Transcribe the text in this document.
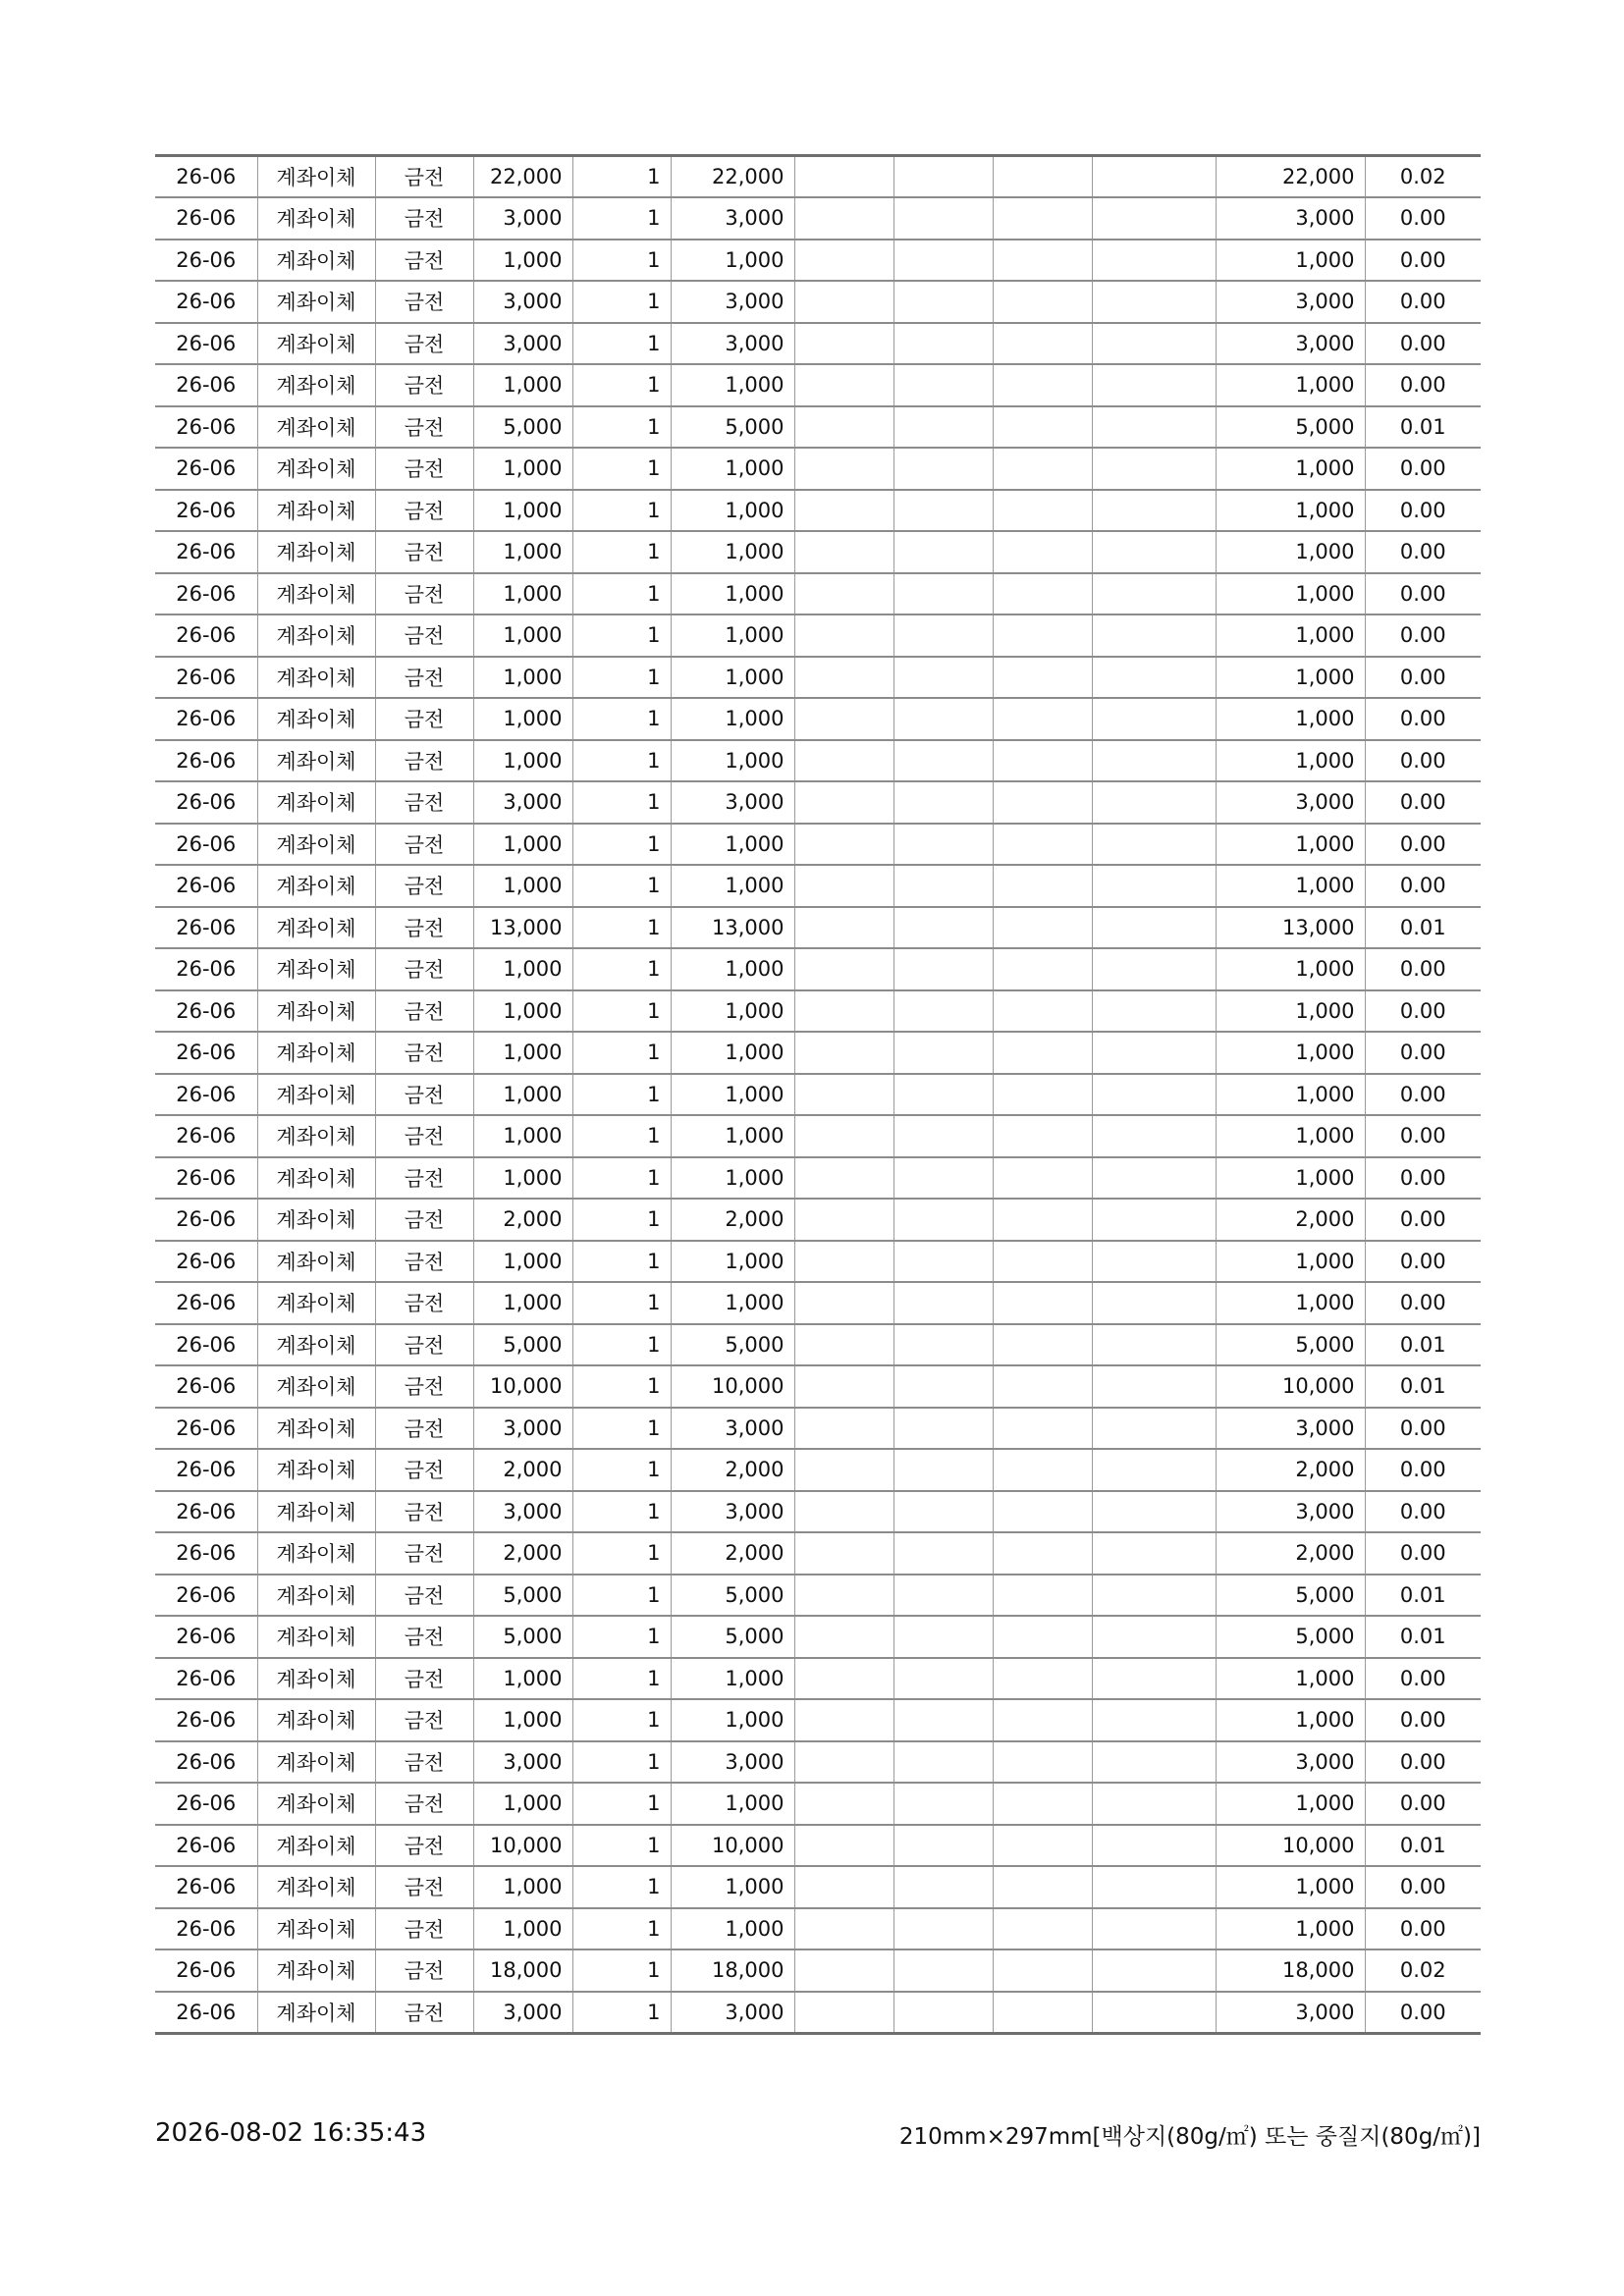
26-06	계좌이체	금전	22,000	1	22,000					22,000	0.02
26-06	계좌이체	금전	3,000	1	3,000					3,000	0.00
26-06	계좌이체	금전	1,000	1	1,000					1,000	0.00
26-06	계좌이체	금전	3,000	1	3,000					3,000	0.00
26-06	계좌이체	금전	3,000	1	3,000					3,000	0.00
26-06	계좌이체	금전	1,000	1	1,000					1,000	0.00
26-06	계좌이체	금전	5,000	1	5,000					5,000	0.01
26-06	계좌이체	금전	1,000	1	1,000					1,000	0.00
26-06	계좌이체	금전	1,000	1	1,000					1,000	0.00
26-06	계좌이체	금전	1,000	1	1,000					1,000	0.00
26-06	계좌이체	금전	1,000	1	1,000					1,000	0.00
26-06	계좌이체	금전	1,000	1	1,000					1,000	0.00
26-06	계좌이체	금전	1,000	1	1,000					1,000	0.00
26-06	계좌이체	금전	1,000	1	1,000					1,000	0.00
26-06	계좌이체	금전	1,000	1	1,000					1,000	0.00
26-06	계좌이체	금전	3,000	1	3,000					3,000	0.00
26-06	계좌이체	금전	1,000	1	1,000					1,000	0.00
26-06	계좌이체	금전	1,000	1	1,000					1,000	0.00
26-06	계좌이체	금전	13,000	1	13,000					13,000	0.01
26-06	계좌이체	금전	1,000	1	1,000					1,000	0.00
26-06	계좌이체	금전	1,000	1	1,000					1,000	0.00
26-06	계좌이체	금전	1,000	1	1,000					1,000	0.00
26-06	계좌이체	금전	1,000	1	1,000					1,000	0.00
26-06	계좌이체	금전	1,000	1	1,000					1,000	0.00
26-06	계좌이체	금전	1,000	1	1,000					1,000	0.00
26-06	계좌이체	금전	2,000	1	2,000					2,000	0.00
26-06	계좌이체	금전	1,000	1	1,000					1,000	0.00
26-06	계좌이체	금전	1,000	1	1,000					1,000	0.00
26-06	계좌이체	금전	5,000	1	5,000					5,000	0.01
26-06	계좌이체	금전	10,000	1	10,000					10,000	0.01
26-06	계좌이체	금전	3,000	1	3,000					3,000	0.00
26-06	계좌이체	금전	2,000	1	2,000					2,000	0.00
26-06	계좌이체	금전	3,000	1	3,000					3,000	0.00
26-06	계좌이체	금전	2,000	1	2,000					2,000	0.00
26-06	계좌이체	금전	5,000	1	5,000					5,000	0.01
26-06	계좌이체	금전	5,000	1	5,000					5,000	0.01
26-06	계좌이체	금전	1,000	1	1,000					1,000	0.00
26-06	계좌이체	금전	1,000	1	1,000					1,000	0.00
26-06	계좌이체	금전	3,000	1	3,000					3,000	0.00
26-06	계좌이체	금전	1,000	1	1,000					1,000	0.00
26-06	계좌이체	금전	10,000	1	10,000					10,000	0.01
26-06	계좌이체	금전	1,000	1	1,000					1,000	0.00
26-06	계좌이체	금전	1,000	1	1,000					1,000	0.00
26-06	계좌이체	금전	18,000	1	18,000					18,000	0.02
26-06	계좌이체	금전	3,000	1	3,000					3,000	0.00
2026-08-02 16:35:43	210mm×297mm[백상지(80g/㎡) 또는 중질지(80g/㎡)]
